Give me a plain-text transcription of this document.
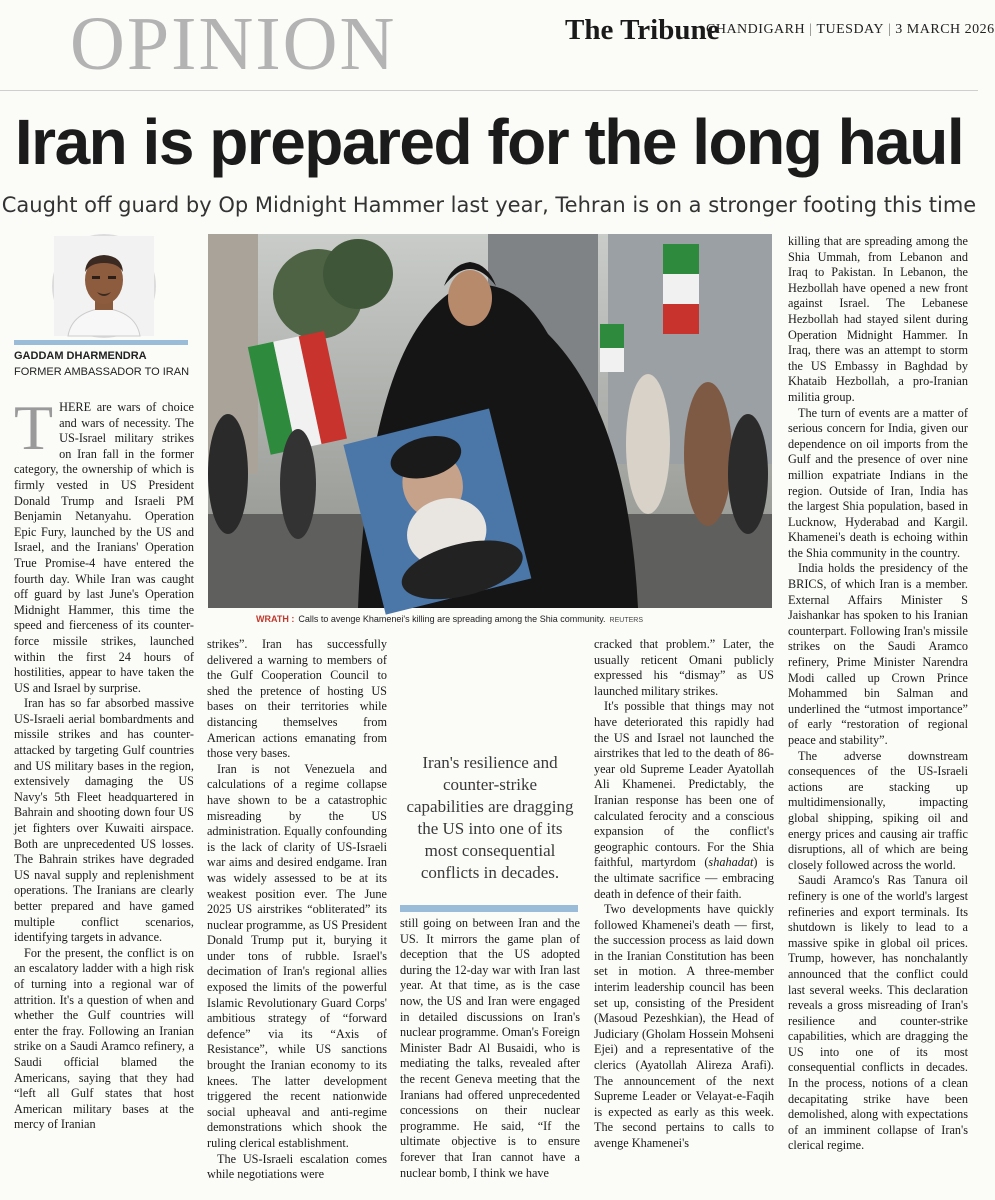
OPINION	The Tribune
CHANDIGARH | TUESDAY | 3 MARCH 2026
Iran is prepared for the long haul
Caught off guard by Op Midnight Hammer last year, Tehran is on a stronger footing this time
GADDAM DHARMENDRA
FORMER AMBASSADOR TO IRAN
WRATH : Calls to avenge Khamenei's killing are spreading among the Shia community. REUTERS

THERE are wars of choice and wars of necessity. The US-Israel military strikes on Iran fall in the former category, the ownership of which is firmly vested in US President Donald Trump and Israeli PM Benjamin Netanyahu. Operation Epic Fury, launched by the US and Israel, and the Iranians' Operation True Promise-4 have entered the fourth day. While Iran was caught off guard by last June's Operation Midnight Hammer, this time the speed and fierceness of its counter-force missile strikes, launched within the first 24 hours of hostilities, appear to have taken the US and Israel by surprise.

Iran has so far absorbed massive US-Israeli aerial bombardments and missile strikes and has counter-attacked by targeting Gulf countries and US military bases in the region, extensively damaging the US Navy's 5th Fleet headquartered in Bahrain and shooting down four US jet fighters over Kuwaiti airspace. Both are unprecedented US losses. The Bahrain strikes have degraded US naval supply and replenishment operations. The Iranians are clearly better prepared and have gamed multiple conflict scenarios, identifying targets in advance.

For the present, the conflict is on an escalatory ladder with a high risk of turning into a regional war of attrition. It's a question of when and whether the Gulf countries will enter the fray. Following an Iranian strike on a Saudi Aramco refinery, a Saudi official blamed the Americans, saying that they had “left all Gulf states that host American military bases at the mercy of Iranian

strikes”. Iran has successfully delivered a warning to members of the Gulf Cooperation Council to shed the pretence of hosting US bases on their territories while distancing themselves from American actions emanating from those very bases.

Iran is not Venezuela and calculations of a regime collapse have shown to be a catastrophic misreading by the US administration. Equally confounding is the lack of clarity of US-Israeli war aims and desired endgame. Iran was widely assessed to be at its weakest position ever. The June 2025 US airstrikes “obliterated” its nuclear programme, as US President Donald Trump put it, burying it under tons of rubble. Israel's decimation of Iran's regional allies exposed the limits of the powerful Islamic Revolutionary Guard Corps' ambitious strategy of “forward defence” via its “Axis of Resistance”, while US sanctions brought the Iranian economy to its knees. The latter development triggered the recent nationwide social upheaval and anti-regime demonstrations which shook the ruling clerical establishment.

The US-Israeli escalation comes while negotiations were

Iran's resilience and counter-strike capabilities are dragging the US into one of its most consequential conflicts in decades.

still going on between Iran and the US. It mirrors the game plan of deception that the US adopted during the 12-day war with Iran last year. At that time, as is the case now, the US and Iran were engaged in detailed discussions on Iran's nuclear programme. Oman's Foreign Minister Badr Al Busaidi, who is mediating the talks, revealed after the recent Geneva meeting that the Iranians had offered unprecedented concessions on their nuclear programme. He said, “If the ultimate objective is to ensure forever that Iran cannot have a nuclear bomb, I think we have

cracked that problem.” Later, the usually reticent Omani publicly expressed his “dismay” as US launched military strikes.

It's possible that things may not have deteriorated this rapidly had the US and Israel not launched the airstrikes that led to the death of 86-year old Supreme Leader Ayatollah Ali Khamenei. Predictably, the Iranian response has been one of calculated ferocity and a conscious expansion of the conflict's geographic contours. For the Shia faithful, martyrdom (shahadat) is the ultimate sacrifice — embracing death in defence of their faith.

Two developments have quickly followed Khamenei's death — first, the succession process as laid down in the Iranian Constitution has been set in motion. A three-member interim leadership council has been set up, consisting of the President (Masoud Pezeshkian), the Head of Judiciary (Gholam Hossein Mohseni Ejei) and a representative of the clerics (Ayatollah Alireza Arafi). The announcement of the next Supreme Leader or Velayat-e-Faqih is expected as early as this week. The second pertains to calls to avenge Khamenei's

killing that are spreading among the Shia Ummah, from Lebanon and Iraq to Pakistan. In Lebanon, the Hezbollah have opened a new front against Israel. The Lebanese Hezbollah had stayed silent during Operation Midnight Hammer. In Iraq, there was an attempt to storm the US Embassy in Baghdad by Khataib Hezbollah, a pro-Iranian militia group.

The turn of events are a matter of serious concern for India, given our dependence on oil imports from the Gulf and the presence of over nine million expatriate Indians in the region. Outside of Iran, India has the largest Shia population, based in Lucknow, Hyderabad and Kargil. Khamenei's death is echoing within the Shia community in the country.

India holds the presidency of the BRICS, of which Iran is a member. External Affairs Minister S Jaishankar has spoken to his Iranian counterpart. Following Iran's missile strikes on the Saudi Aramco refinery, Prime Minister Narendra Modi called up Crown Prince Mohammed bin Salman and underlined the “utmost importance” of early “restoration of regional peace and stability”.

The adverse downstream consequences of the US-Israeli actions are stacking up multidimensionally, impacting global shipping, spiking oil and energy prices and causing air traffic disruptions, all of which are being closely followed across the world.

Saudi Aramco's Ras Tanura oil refinery is one of the world's largest refineries and export terminals. Its shutdown is likely to lead to a massive spike in global oil prices. Trump, however, has nonchalantly announced that the conflict could last several weeks. This declaration reveals a gross misreading of Iran's resilience and counter-strike capabilities, which are dragging the US into one of its most consequential conflicts in decades. In the process, notions of a clean decapitating strike have been demolished, along with expectations of an imminent collapse of Iran's clerical regime.
